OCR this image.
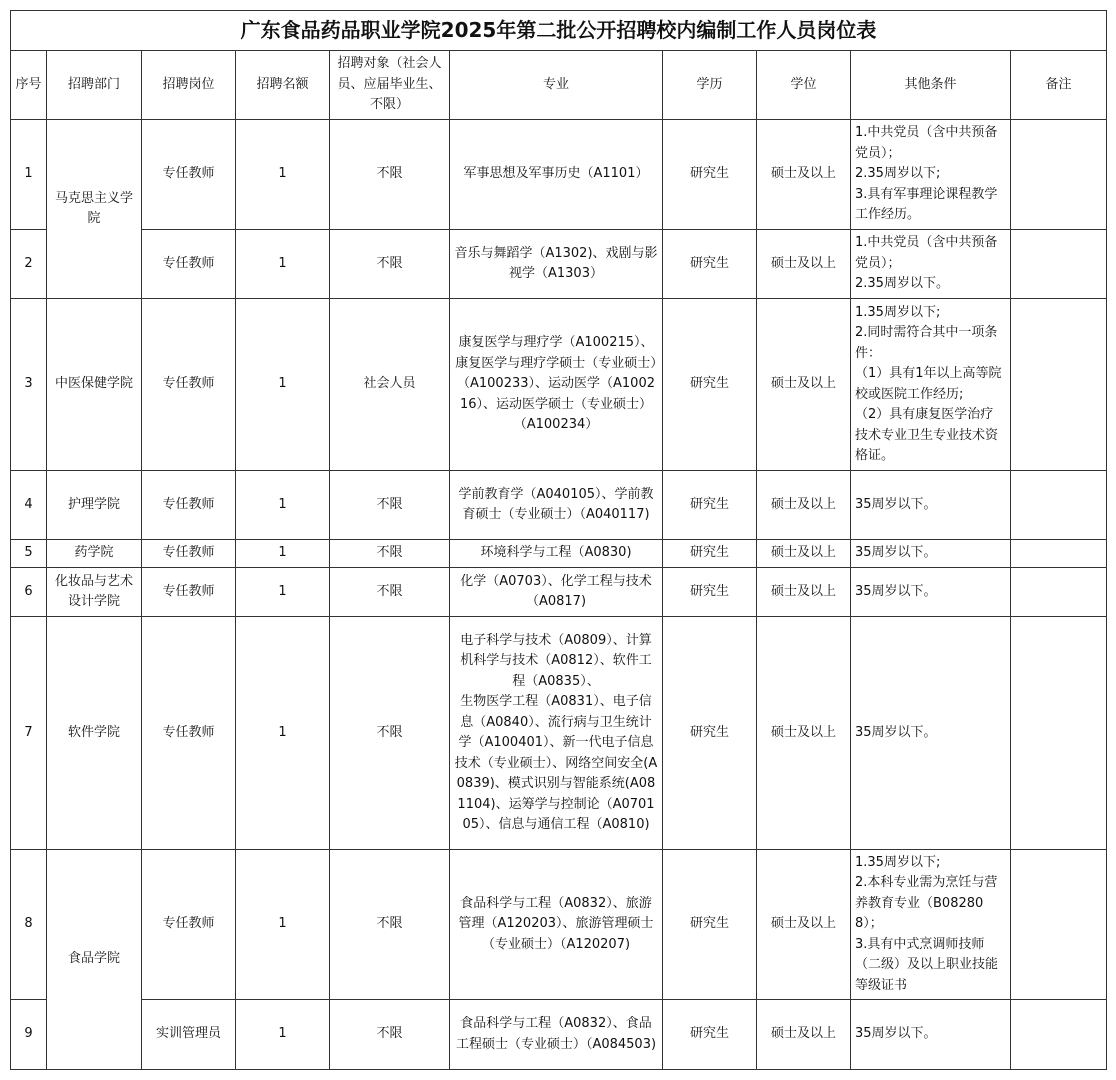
广东食品药品职业学院2025年第二批公开招聘校内编制工作人员岗位表									
序号	招聘部门	招聘岗位	招聘名额	招聘对象（社会人员、应届毕业生、不限）	专业	学历	学位	其他条件	备注
1	马克思主义学院	专任教师	1	不限	军事思想及军事历史（A1101）	研究生	硕士及以上	1.中共党员（含中共预备党员）；
2.35周岁以下;
3.具有军事理论课程教学工作经历。	
2		专任教师	1	不限	音乐与舞蹈学（A1302)、戏剧与影视学（A1303）	研究生	硕士及以上	1.中共党员（含中共预备党员）；
2.35周岁以下。	
3	中医保健学院	专任教师	1	社会人员	康复医学与理疗学（A100215）、康复医学与理疗学硕士（专业硕士）（A100233）、运动医学（A100216）、运动医学硕士（专业硕士）（A100234）	研究生	硕士及以上	1.35周岁以下;
2.同时需符合其中一项条件：
（1）具有1年以上高等院校或医院工作经历;
（2）具有康复医学治疗技术专业卫生专业技术资格证。	
4	护理学院	专任教师	1	不限	学前教育学（A040105）、学前教育硕士（专业硕士）（A040117)	研究生	硕士及以上	35周岁以下。	
5	药学院	专任教师	1	不限	环境科学与工程（A0830)	研究生	硕士及以上	35周岁以下。	
6	化妆品与艺术设计学院	专任教师	1	不限	化学（A0703）、化学工程与技术（A0817)	研究生	硕士及以上	35周岁以下。	
7	软件学院	专任教师	1	不限	电子科学与技术（A0809）、计算机科学与技术（A0812）、软件工程（A0835）、
生物医学工程（A0831）、电子信息（A0840）、流行病与卫生统计学（A100401）、新一代电子信息技术（专业硕士）、网络空间安全(A0839)、模式识别与智能系统(A081104)、运筹学与控制论（A070105）、信息与通信工程（A0810)	研究生	硕士及以上	35周岁以下。	
8	食品学院	专任教师	1	不限	食品科学与工程（A0832）、旅游管理（A120203）、旅游管理硕士（专业硕士）（A120207)	研究生	硕士及以上	1.35周岁以下;
2.本科专业需为烹饪与营养教育专业（B082808）；
3.具有中式烹调师技师（二级）及以上职业技能等级证书	
9		实训管理员	1	不限	食品科学与工程（A0832）、食品工程硕士（专业硕士）（A084503)	研究生	硕士及以上	35周岁以下。	
